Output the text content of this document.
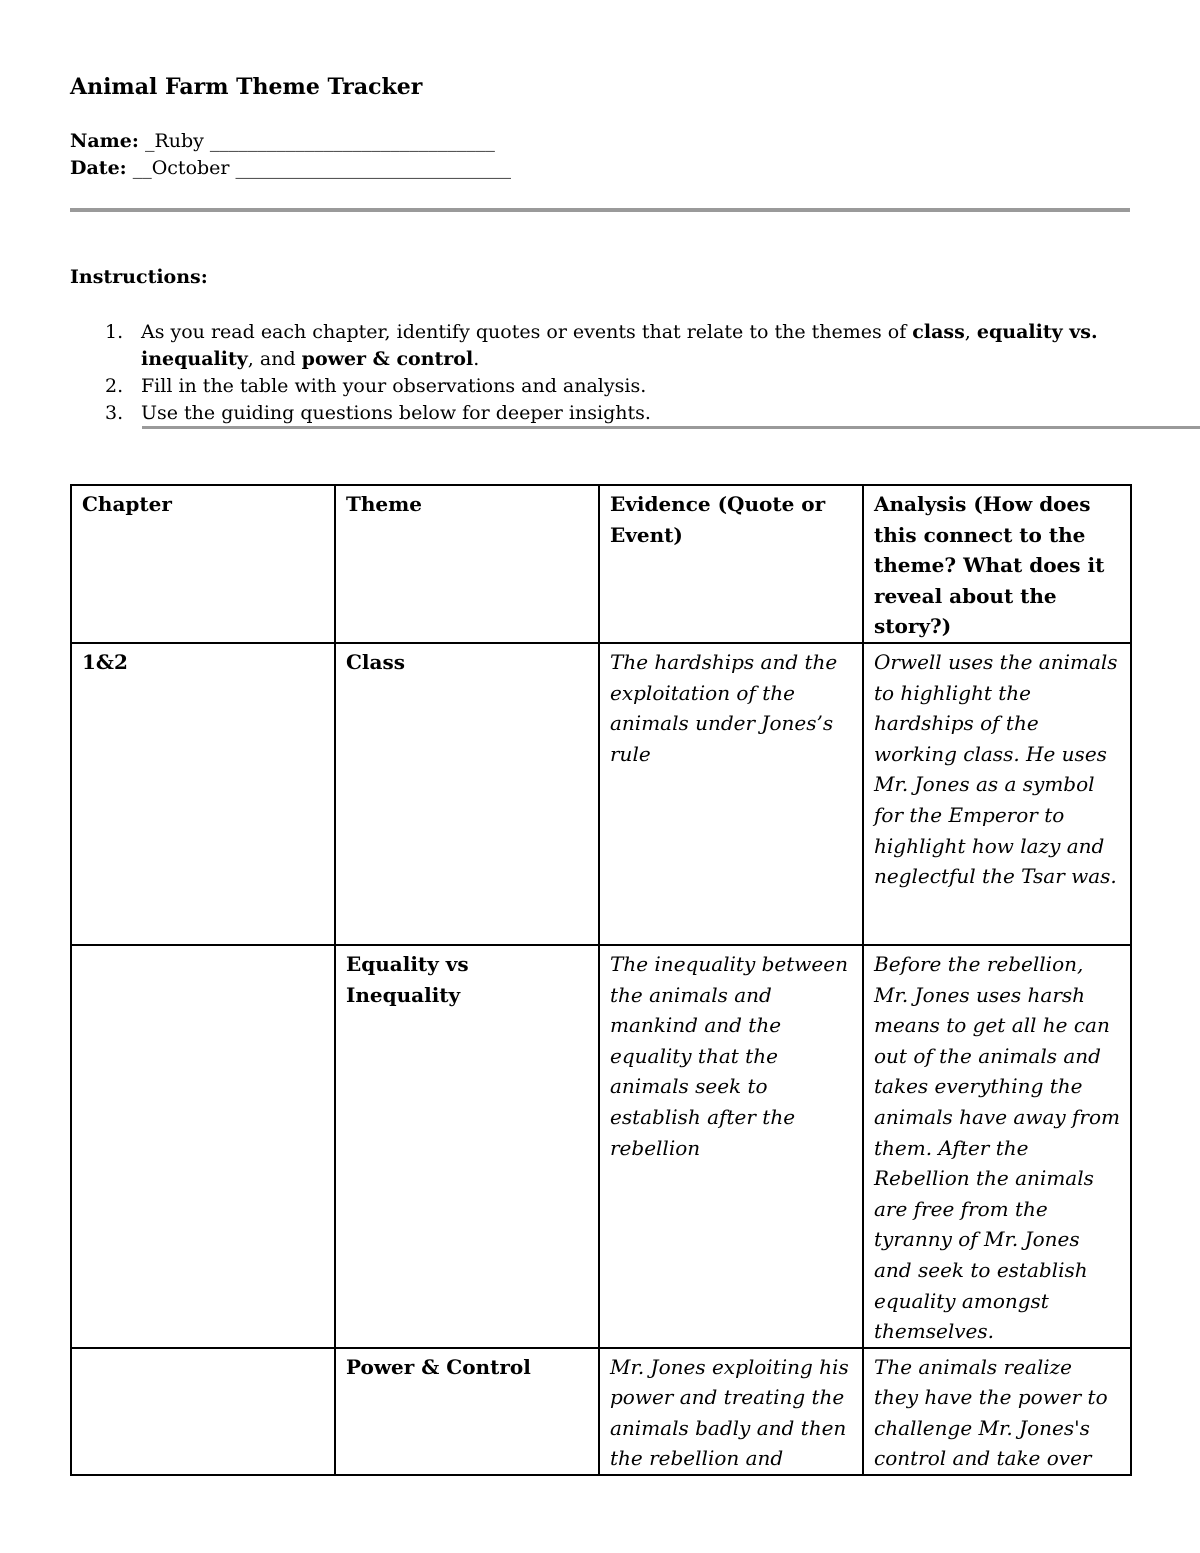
Animal Farm Theme Tracker
Name: _Ruby ______________________________
Date: __October _____________________________
Instructions:
1. As you read each chapter, identify quotes or events that relate to the themes of class, equality vs. inequality, and power & control.
2. Fill in the table with your observations and analysis.
3. Use the guiding questions below for deeper insights.
Chapter	Theme	Evidence (Quote or Event)	Analysis (How does this connect to the theme? What does it reveal about the story?)
1&2	Class	The hardships and the exploitation of the animals under Jones’s rule	Orwell uses the animals to highlight the hardships of the working class. He uses Mr. Jones as a symbol for the Emperor to highlight how lazy and neglectful the Tsar was.
	Equality vs Inequality	The inequality between the animals and mankind and the equality that the animals seek to establish after the rebellion	Before the rebellion, Mr. Jones uses harsh means to get all he can out of the animals and takes everything the animals have away from them. After the Rebellion the animals are free from the tyranny of Mr. Jones and seek to establish equality amongst themselves.
	Power & Control	Mr. Jones exploiting his power and treating the animals badly and then the rebellion and	The animals realize they have the power to challenge Mr. Jones's control and take over
